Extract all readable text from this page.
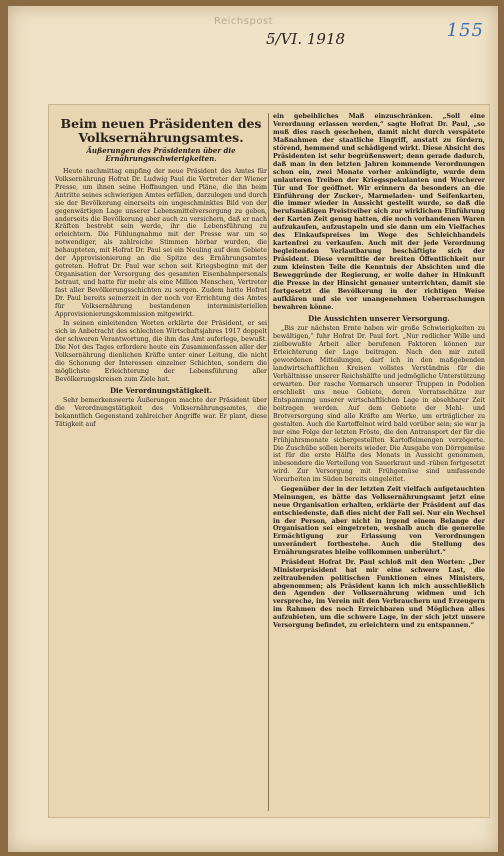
Reichspost
5/VI. 1918	155
Beim neuen Präsidenten des Volksernährungsamtes.
Äußerungen des Präsidenten über die Ernährungsschwierigkeiten.

Heute nachmittag empfing der neue Präsident des Amtes für Volksernährung Hofrat Dr. Ludwig Paul die Vertreter der Wiener Presse, um ihnen seine Hoffnungen und Pläne, die ihn beim Antritte seines schwierigen Amtes erfüllen, darzulegen und durch sie der Bevölkerung einerseits ein ungeschminktes Bild von der gegenwärtigen Lage unserer Lebensmittelversorgung zu geben, anderseits die Bevölkerung aber auch zu versichern, daß er nach Kräften bestrebt sein werde, ihr die Lebensführung zu erleichtern. Die Fühlungnahme mit der Presse war um so notwendiger, als zahlreiche Stimmen hörbar wurden, die behaupteten, mit Hofrat Dr. Paul sei ein Neuling auf dem Gebiete der Approvisionierung an die Spitze des Ernährungsamtes getreten. Hofrat Dr. Paul war schon seit Kriegsbeginn mit der Organisation der Versorgung des gesamten Eisenbahnpersonals betraut, und hatte für mehr als eine Million Menschen, Vertreter fast aller Bevölkerungsschichten zu sorgen. Zudem hatte Hofrat Dr. Paul bereits seinerzeit in der noch vor Errichtung des Amtes für Volksernährung bestandenen interministeriellen Approvisionierungskommission mitgewirkt.

In seinen einleitenden Worten erklärte der Präsident, er sei sich in Anbetracht des schlechten Wirtschaftsjahres 1917 doppelt der schweren Verantwortung, die ihm das Amt auferlege, bewußt. Die Not des Tages erfordere heute ein Zusammenfassen aller der Volksernährung dienlichen Kräfte unter einer Leitung, die nicht die Schonung der Interessen einzelner Schichten, sondern die möglichste Erleichterung der Lebensführung aller Bevölkerungskreisen zum Ziele hat.

Die Verordnungstätigkeit.

Sehr bemerkenswerte Äußerungen machte der Präsident über die Verordnungstätigkeit des Volksernährungsamtes, die bekanntlich Gegenstand zahlreicher Angriffe war. Er plant, diese Tätigkeit auf

ein gebeihliches Maß einzuschränken. „Soll eine Verordnung erlassen werden,“ sagte Hofrat Dr. Paul, „so muß dies rasch geschehen, damit nicht durch verspätete Maßnahmen der staatliche Eingriff, anstatt zu fördern, störend, hemmend und schädigend wirkt. Diese Absicht des Präsidenten ist sehr begrüßenswert; denn gerade dadurch, daß man in den letzten Jahren kommende Verordnungen schon ein, zwei Monate vorher ankündigte, wurde dem unlauteren Treiben der Kriegsspekulanten und Wucherer Tür und Tor geöffnet. Wir erinnern da besonders an die Einführung der Zucker-, Marmeladen- und Seifenkarten, die immer wieder in Aussicht gestellt wurde, so daß die berufsmäßigen Preistreiber sich zur wirklichen Einführung der Karten Zeit genug hatten, die noch vorhandenen Waren aufzukaufen, aufzustapeln und sie dann um ein Vielfaches des Einkaufspreises im Wege des Schleichhandels kartenfrei zu verkaufen. Auch mit der jede Verordnung begleitenden Verlautbarung beschäftigte sich der Präsident. Diese vermittle der breiten Öffentlichkeit nur zum kleinsten Teile die Kenntnis der Absichten und die Beweggründe der Regierung, er wolle daher in Hinkunft die Presse in der Hinsicht genauer unterrichten, damit sie fortgesetzt die Bevölkerung in der richtigen Weise aufklären und sie vor unangenehmen Ueberraschungen bewahren könne.

Die Aussichten unserer Versorgung.

„Bis zur nächsten Ernte haben wir große Schwierigkeiten zu bewältigen,“ fuhr Hofrat Dr. Paul fort. „Nur redlicher Wille und zielbewußte Arbeit aller berufenen Faktoren können zur Erleichterung der Lage beitragen. Nach den mir zuteil gewordenen Mitteilungen, darf ich in den maßgebenden landwirtschaftlichen Kreisen vollstes Verständnis für die Verhältnisse unserer Reichshälfte und jedmögliche Unterstützung erwarten. Der rasche Vormarsch unserer Truppen in Podolien erschließt uns neue Gebiete, deren Vorratsschätze zur Entspannung unserer wirtschaftlichen Lage in absehbarer Zeit beitragen werden. Auf dem Gebiete der Mehl- und Brotversorgung sind alle Kräfte am Werke, um erträglicher zu gestalten. Auch die Kartoffelnot wird bald vorüber sein; sie war ja nur eine Folge der letzten Fröste, die den Antransport der für die Frühjahrsmonate sichergestellten Kartoffelmengen verzögerte. Die Zuschübe sollen bereits wieder. Die Ausgabe von Dörrgemüse ist für die erste Hälfte des Monats in Aussicht genommen, inbesondere die Verteilung von Sauerkraut und -rüben fortgesetzt wird. Zur Versorgung mit Frühgemüse sind umfassende Vorarbeiten im Süden bereits eingeleitet.

Gegenüber der in der letzten Zeit vielfach aufgetauchten Meinungen, es hätte das Volksernährungsamt jetzt eine neue Organisation erhalten, erklärte der Präsident auf das entschiedenste, daß dies nicht der Fall sei. Nur ein Wechsel in der Person, aber nicht in irgend einem Belange der Organisation sei eingetreten, weshalb auch die generelle Ermächtigung zur Erlassung von Verordnungen unverändert fortbestehe. Auch die Stellung des Ernährungsrates bleibe vollkommen unberührt.“

Präsident Hofrat Dr. Paul schloß mit den Worten: „Der Ministerpräsident hat mir eine schwere Last, die zeitraubenden politischen Funktionen eines Ministers, abgenommen; als Präsident kann ich mich ausschließlich den Agenden der Volksernährung widmen und ich verspreche, im Verein mit den Verbrauchern und Erzeugern im Rahmen des noch Erreichbaren und Möglichen alles aufzubieten, um die schwere Lage, in der sich jetzt unsere Versorgung befindet, zu erleichtern und zu entspannen.“
